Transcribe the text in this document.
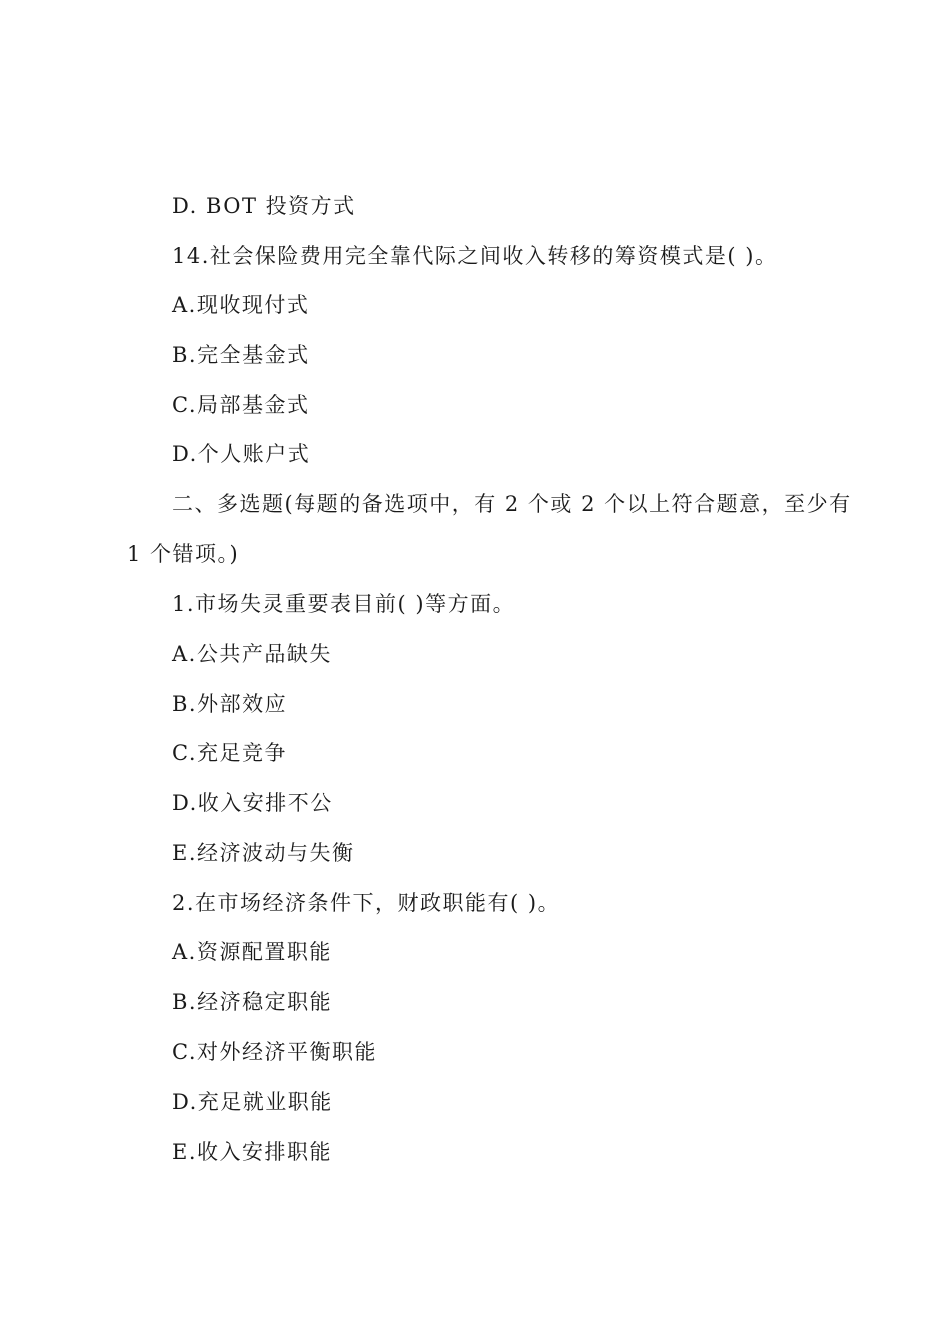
D. BOT 投资方式
14.社会保险费用完全靠代际之间收入转移的筹资模式是( )。
A.现收现付式
B.完全基金式
C.局部基金式
D.个人账户式
二、多选题(每题的备选项中，有 2 个或 2 个以上符合题意，至少有
1 个错项。)
1.市场失灵重要表目前( )等方面。
A.公共产品缺失
B.外部效应
C.充足竞争
D.收入安排不公
E.经济波动与失衡
2.在市场经济条件下，财政职能有( )。
A.资源配置职能
B.经济稳定职能
C.对外经济平衡职能
D.充足就业职能
E.收入安排职能
